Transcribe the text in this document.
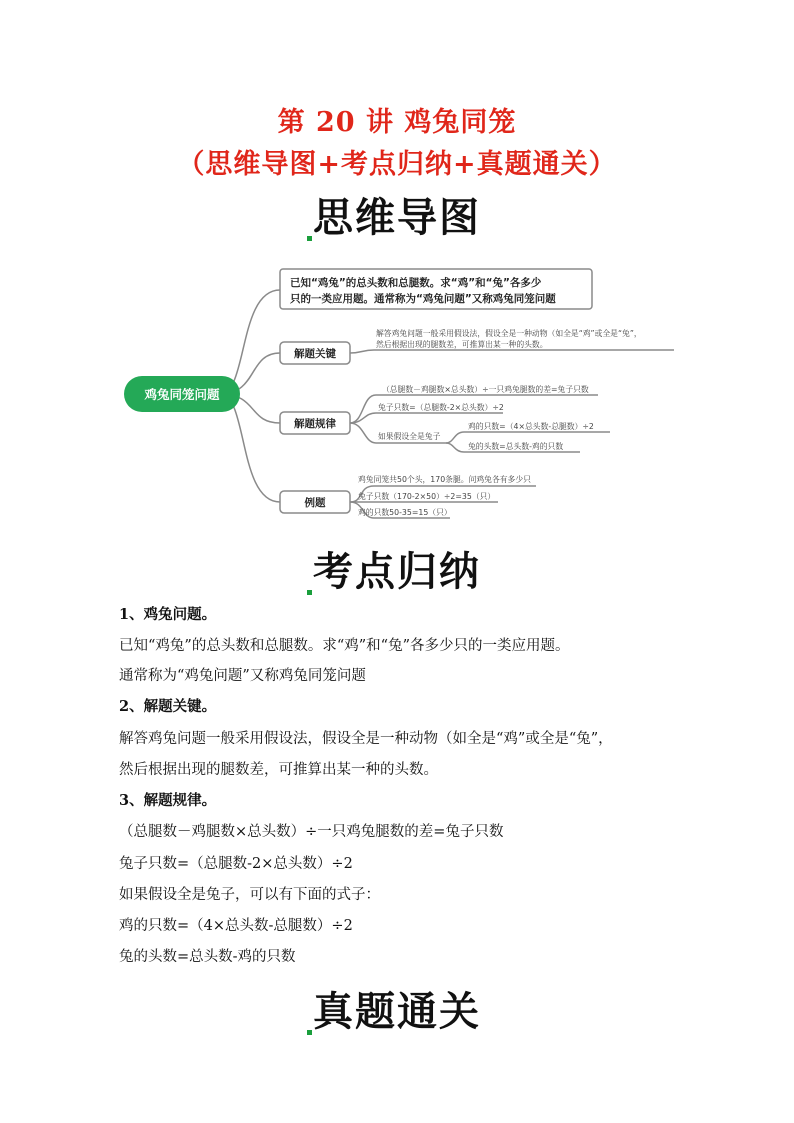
第 20 讲 鸡兔同笼
（思维导图+考点归纳+真题通关）
思维导图
鸡兔同笼问题
已知“鸡兔”的总头数和总腿数。求“鸡”和“兔”各多少
只的一类应用题。通常称为“鸡兔问题”又称鸡兔同笼问题
解题关键
解答鸡兔问题一般采用假设法，假设全是一种动物（如全是“鸡”或全是“兔”，
然后根据出现的腿数差，可推算出某一种的头数。
解题规律
（总腿数－鸡腿数×总头数）÷一只鸡兔腿数的差=兔子只数
兔子只数=（总腿数-2×总头数）÷2
如果假设全是兔子
鸡的只数=（4×总头数-总腿数）÷2
兔的头数=总头数-鸡的只数
例题
鸡兔同笼共50个头，170条腿。问鸡兔各有多少只
兔子只数（170-2×50）÷2=35（只）
鸡的只数50-35=15（只）
考点归纳
1、鸡兔问题。
已知“鸡兔”的总头数和总腿数。求“鸡”和“兔”各多少只的一类应用题。
通常称为“鸡兔问题”又称鸡兔同笼问题
2、解题关键。
解答鸡兔问题一般采用假设法，假设全是一种动物（如全是“鸡”或全是“兔”，
然后根据出现的腿数差，可推算出某一种的头数。
3、解题规律。
（总腿数－鸡腿数×总头数）÷一只鸡兔腿数的差=兔子只数
兔子只数=（总腿数-2×总头数）÷2
如果假设全是兔子，可以有下面的式子：
鸡的只数=（4×总头数-总腿数）÷2
兔的头数=总头数-鸡的只数
真题通关
